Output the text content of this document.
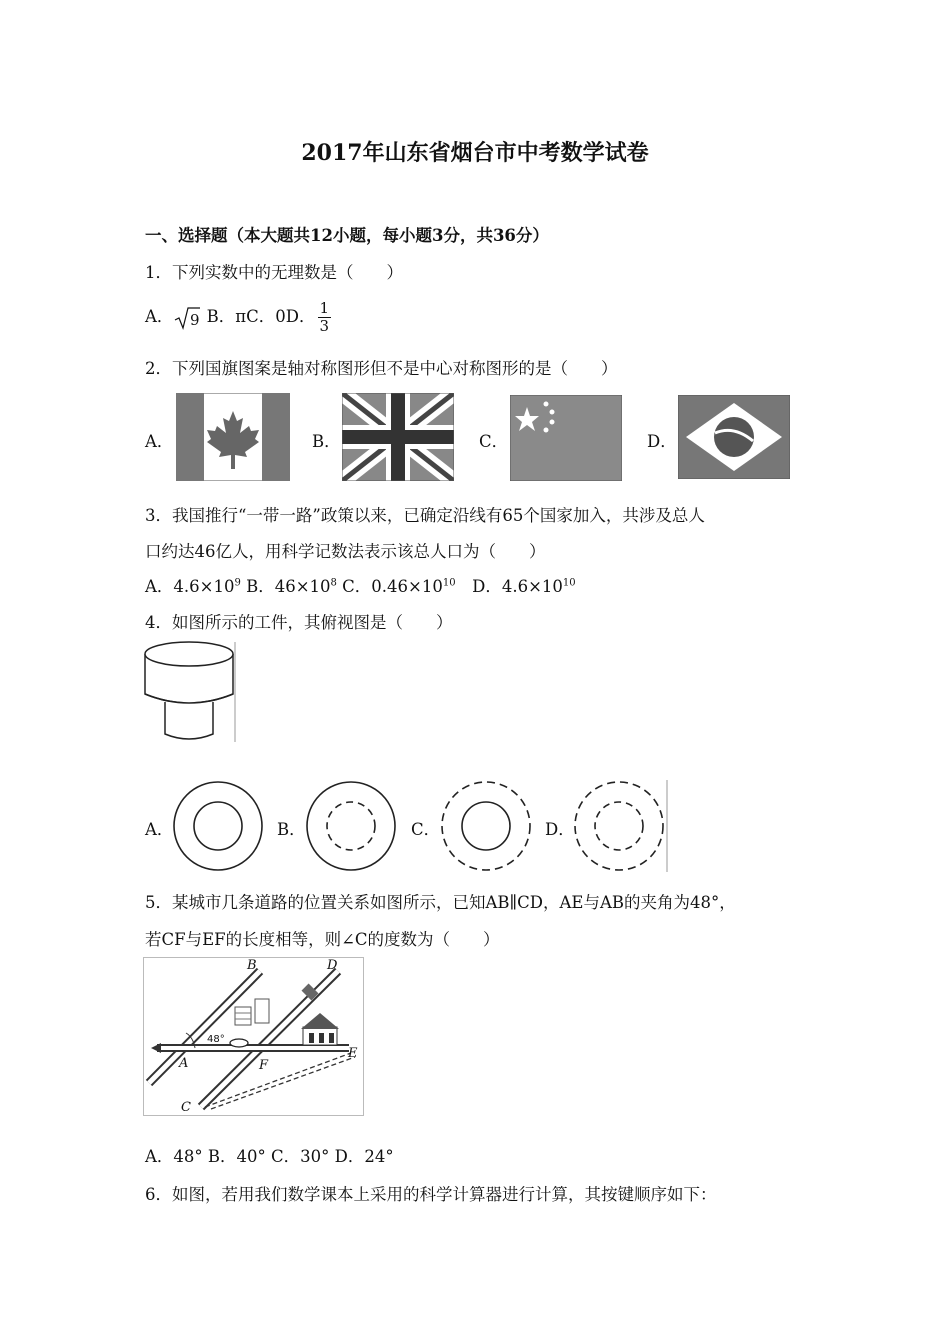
2017年山东省烟台市中考数学试卷
一、选择题（本大题共12小题，每小题3分，共36分）
1．下列实数中的无理数是（　　）
A． 9 B．πC．0D． $\frac{1}{3}$
2．下列国旗图案是轴对称图形但不是中心对称图形的是（　　）
A．	B．	C．	D．
3．我国推行“一带一路”政策以来，已确定沿线有65个国家加入，共涉及总人
口约达46亿人，用科学记数法表示该总人口为（　　）
A．$4.6\times 10^9$ B．$46\times 10^8$ C．$0.46\times 10^{10}$　D．$4.6\times 10^{10}$
4．如图所示的工件，其俯视图是（　　）
A．	B．	C．	D．
5．某城市几条道路的位置关系如图所示，已知AB∥CD，AE与AB的夹角为48°，
若CF与EF的长度相等，则∠C的度数为（　　）
B	D
A	F
E
C
48°
A．48° B．40° C．30° D．24°
6．如图，若用我们数学课本上采用的科学计算器进行计算，其按键顺序如下：
